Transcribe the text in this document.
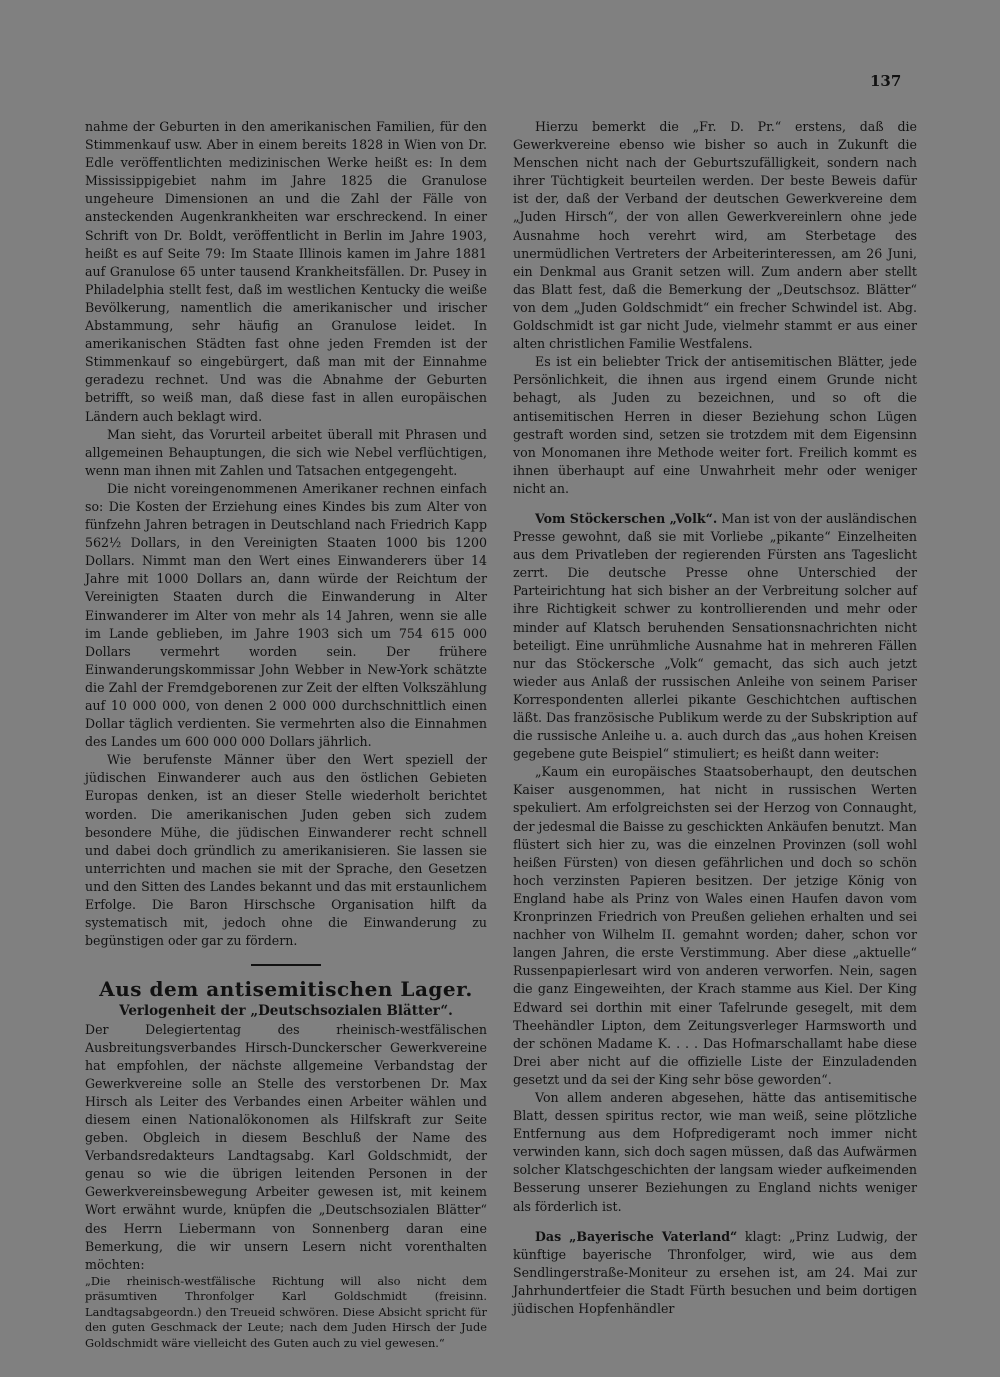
137

nahme der Geburten in den amerikanischen Familien, für den Stimmenkauf usw. Aber in einem bereits 1828 in Wien von Dr. Edle veröffentlichten medizinischen Werke heißt es: In dem Mississippigebiet nahm im Jahre 1825 die Granulose ungeheure Dimensionen an und die Zahl der Fälle von ansteckenden Augenkrankheiten war erschreckend. In einer Schrift von Dr. Boldt, veröffentlicht in Berlin im Jahre 1903, heißt es auf Seite 79: Im Staate Illinois kamen im Jahre 1881 auf Granulose 65 unter tausend Krankheitsfällen. Dr. Pusey in Philadelphia stellt fest, daß im westlichen Kentucky die weiße Bevölkerung, namentlich die amerikanischer und irischer Abstammung, sehr häufig an Granulose leidet. In amerikanischen Städten fast ohne jeden Fremden ist der Stimmenkauf so eingebürgert, daß man mit der Einnahme geradezu rechnet. Und was die Abnahme der Geburten betrifft, so weiß man, daß diese fast in allen europäischen Ländern auch beklagt wird.

Man sieht, das Vorurteil arbeitet überall mit Phrasen und allgemeinen Behauptungen, die sich wie Nebel verflüchtigen, wenn man ihnen mit Zahlen und Tatsachen entgegengeht.

Die nicht voreingenommenen Amerikaner rechnen einfach so: Die Kosten der Erziehung eines Kindes bis zum Alter von fünfzehn Jahren betragen in Deutschland nach Friedrich Kapp 562½ Dollars, in den Vereinigten Staaten 1000 bis 1200 Dollars. Nimmt man den Wert eines Einwanderers über 14 Jahre mit 1000 Dollars an, dann würde der Reichtum der Vereinigten Staaten durch die Einwanderung in Alter Einwanderer im Alter von mehr als 14 Jahren, wenn sie alle im Lande geblieben, im Jahre 1903 sich um 754 615 000 Dollars vermehrt worden sein. Der frühere Einwanderungskommissar John Webber in New-York schätzte die Zahl der Fremdgeborenen zur Zeit der elften Volkszählung auf 10 000 000, von denen 2 000 000 durchschnittlich einen Dollar täglich verdienten. Sie vermehrten also die Einnahmen des Landes um 600 000 000 Dollars jährlich.

Wie berufenste Männer über den Wert speziell der jüdischen Einwanderer auch aus den östlichen Gebieten Europas denken, ist an dieser Stelle wiederholt berichtet worden. Die amerikanischen Juden geben sich zudem besondere Mühe, die jüdischen Einwanderer recht schnell und dabei doch gründlich zu amerikanisieren. Sie lassen sie unterrichten und machen sie mit der Sprache, den Gesetzen und den Sitten des Landes bekannt und das mit erstaunlichem Erfolge. Die Baron Hirschsche Organisation hilft da systematisch mit, jedoch ohne die Einwanderung zu begünstigen oder gar zu fördern.

Aus dem antisemitischen Lager.
Verlogenheit der „Deutschsozialen Blätter“.

Der Delegiertentag des rheinisch-westfälischen Ausbreitungsverbandes Hirsch-Dunckerscher Gewerkvereine hat empfohlen, der nächste allgemeine Verbandstag der Gewerkvereine solle an Stelle des verstorbenen Dr. Max Hirsch als Leiter des Verbandes einen Arbeiter wählen und diesem einen Nationalökonomen als Hilfskraft zur Seite geben. Obgleich in diesem Beschluß der Name des Verbandsredakteurs Landtagsabg. Karl Goldschmidt, der genau so wie die übrigen leitenden Personen in der Gewerkvereinsbewegung Arbeiter gewesen ist, mit keinem Wort erwähnt wurde, knüpfen die „Deutschsozialen Blätter“ des Herrn Liebermann von Sonnenberg daran eine Bemerkung, die wir unsern Lesern nicht vorenthalten möchten:

„Die rheinisch-westfälische Richtung will also nicht dem präsumtiven Thronfolger Karl Goldschmidt (freisinn. Landtagsabgeordn.) den Treueid schwören. Diese Absicht spricht für den guten Geschmack der Leute; nach dem Juden Hirsch der Jude Goldschmidt wäre vielleicht des Guten auch zu viel gewesen.“

Hierzu bemerkt die „Fr. D. Pr.“ erstens, daß die Gewerkvereine ebenso wie bisher so auch in Zukunft die Menschen nicht nach der Geburtszufälligkeit, sondern nach ihrer Tüchtigkeit beurteilen werden. Der beste Beweis dafür ist der, daß der Verband der deutschen Gewerkvereine dem „Juden Hirsch“, der von allen Gewerkvereinlern ohne jede Ausnahme hoch verehrt wird, am Sterbetage des unermüdlichen Vertreters der Arbeiterinteressen, am 26 Juni, ein Denkmal aus Granit setzen will. Zum andern aber stellt das Blatt fest, daß die Bemerkung der „Deutschsoz. Blätter“ von dem „Juden Goldschmidt“ ein frecher Schwindel ist. Abg. Goldschmidt ist gar nicht Jude, vielmehr stammt er aus einer alten christlichen Familie Westfalens.

Es ist ein beliebter Trick der antisemitischen Blätter, jede Persönlichkeit, die ihnen aus irgend einem Grunde nicht behagt, als Juden zu bezeichnen, und so oft die antisemitischen Herren in dieser Beziehung schon Lügen gestraft worden sind, setzen sie trotzdem mit dem Eigensinn von Monomanen ihre Methode weiter fort. Freilich kommt es ihnen überhaupt auf eine Unwahrheit mehr oder weniger nicht an.

Vom Stöckerschen „Volk“. Man ist von der ausländischen Presse gewohnt, daß sie mit Vorliebe „pikante“ Einzelheiten aus dem Privatleben der regierenden Fürsten ans Tageslicht zerrt. Die deutsche Presse ohne Unterschied der Parteirichtung hat sich bisher an der Verbreitung solcher auf ihre Richtigkeit schwer zu kontrollierenden und mehr oder minder auf Klatsch beruhenden Sensationsnachrichten nicht beteiligt. Eine unrühmliche Ausnahme hat in mehreren Fällen nur das Stöckersche „Volk“ gemacht, das sich auch jetzt wieder aus Anlaß der russischen Anleihe von seinem Pariser Korrespondenten allerlei pikante Geschichtchen auftischen läßt. Das französische Publikum werde zu der Subskription auf die russische Anleihe u. a. auch durch das „aus hohen Kreisen gegebene gute Beispiel“ stimuliert; es heißt dann weiter:

„Kaum ein europäisches Staatsoberhaupt, den deutschen Kaiser ausgenommen, hat nicht in russischen Werten spekuliert. Am erfolgreichsten sei der Herzog von Connaught, der jedesmal die Baisse zu geschickten Ankäufen benutzt. Man flüstert sich hier zu, was die einzelnen Provinzen (soll wohl heißen Fürsten) von diesen gefährlichen und doch so schön hoch verzinsten Papieren besitzen. Der jetzige König von England habe als Prinz von Wales einen Haufen davon vom Kronprinzen Friedrich von Preußen geliehen erhalten und sei nachher von Wilhelm II. gemahnt worden; daher, schon vor langen Jahren, die erste Verstimmung. Aber diese „aktuelle“ Russenpapierlesart wird von anderen verworfen. Nein, sagen die ganz Eingeweihten, der Krach stamme aus Kiel. Der King Edward sei dorthin mit einer Tafelrunde gesegelt, mit dem Theehändler Lipton, dem Zeitungsverleger Harmsworth und der schönen Madame K. . . . Das Hofmarschallamt habe diese Drei aber nicht auf die offizielle Liste der Einzuladenden gesetzt und da sei der King sehr böse geworden“.

Von allem anderen abgesehen, hätte das antisemitische Blatt, dessen spiritus rector, wie man weiß, seine plötzliche Entfernung aus dem Hofpredigeramt noch immer nicht verwinden kann, sich doch sagen müssen, daß das Aufwärmen solcher Klatschgeschichten der langsam wieder aufkeimenden Besserung unserer Beziehungen zu England nichts weniger als förderlich ist.

Das „Bayerische Vaterland“ klagt: „Prinz Ludwig, der künftige bayerische Thronfolger, wird, wie aus dem Sendlingerstraße-Moniteur zu ersehen ist, am 24. Mai zur Jahrhundertfeier die Stadt Fürth besuchen und beim dortigen jüdischen Hopfenhändler
